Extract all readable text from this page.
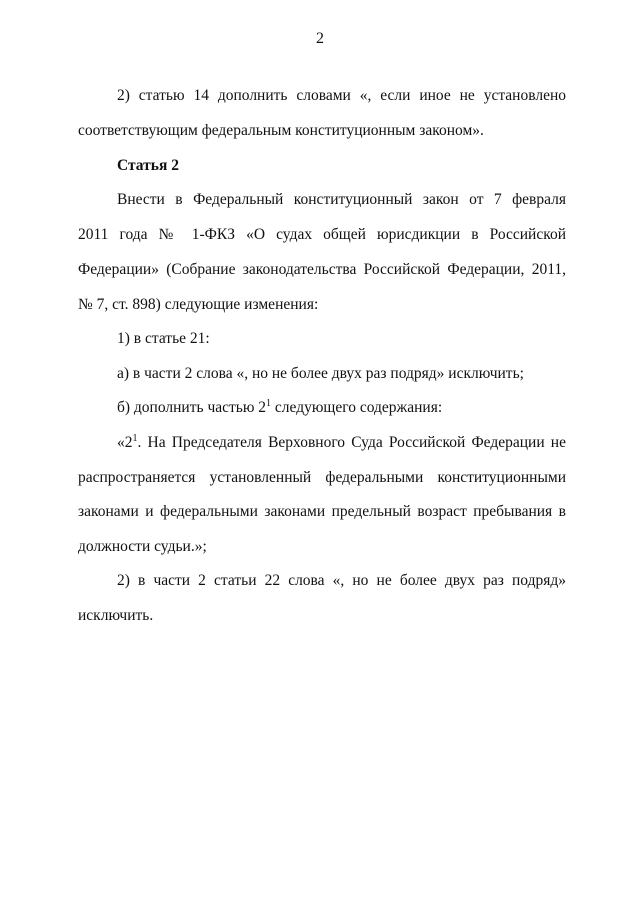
2
2) статью 14 дополнить словами «, если иное не установлено
соответствующим федеральным конституционным законом».
Статья 2
Внести в Федеральный конституционный закон от 7 февраля
2011 года № 1-ФКЗ «О судах общей юрисдикции в Российской
Федерации» (Собрание законодательства Российской Федерации, 2011,
№ 7, ст. 898) следующие изменения:
1) в статье 21:
а) в части 2 слова «, но не более двух раз подряд» исключить;
б) дополнить частью $2^1$ следующего содержания:
«$2^1$. На Председателя Верховного Суда Российской Федерации не
распространяется установленный федеральными конституционными
законами и федеральными законами предельный возраст пребывания в
должности судьи.»;
2) в части 2 статьи 22 слова «, но не более двух раз подряд»
исключить.
